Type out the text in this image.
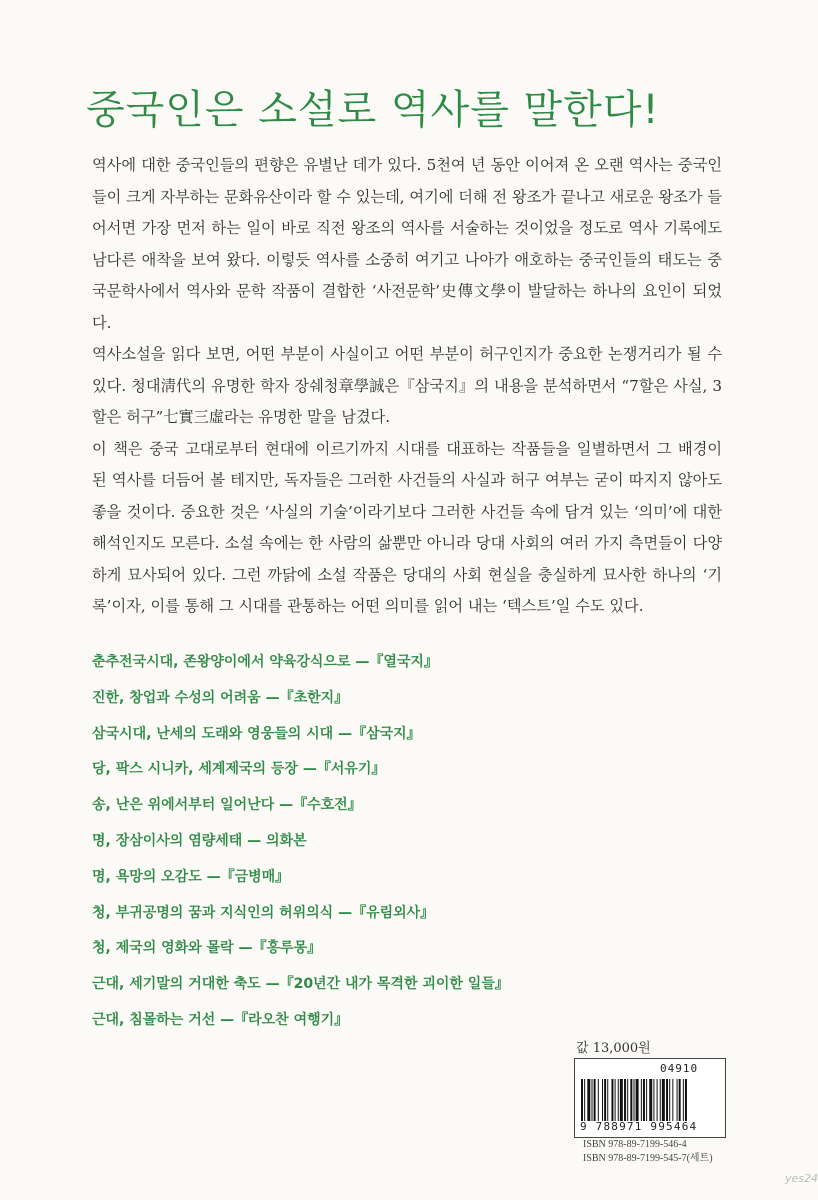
중국인은 소설로 역사를 말한다!

역사에 대한 중국인들의 편향은 유별난 데가 있다. 5천여 년 동안 이어져 온 오랜 역사는 중국인들이 크게 자부하는 문화유산이라 할 수 있는데, 여기에 더해 전 왕조가 끝나고 새로운 왕조가 들어서면 가장 먼저 하는 일이 바로 직전 왕조의 역사를 서술하는 것이었을 정도로 역사 기록에도 남다른 애착을 보여 왔다. 이렇듯 역사를 소중히 여기고 나아가 애호하는 중국인들의 태도는 중국문학사에서 역사와 문학 작품이 결합한 ‘사전문학’史傳文學이 발달하는 하나의 요인이 되었다.

역사소설을 읽다 보면, 어떤 부분이 사실이고 어떤 부분이 허구인지가 중요한 논쟁거리가 될 수 있다. 청대淸代의 유명한 학자 장쉐청章學誠은『삼국지』의 내용을 분석하면서 “7할은 사실, 3할은 허구”七實三虛라는 유명한 말을 남겼다.

이 책은 중국 고대로부터 현대에 이르기까지 시대를 대표하는 작품들을 일별하면서 그 배경이 된 역사를 더듬어 볼 테지만, 독자들은 그러한 사건들의 사실과 허구 여부는 굳이 따지지 않아도 좋을 것이다. 중요한 것은 ‘사실의 기술’이라기보다 그러한 사건들 속에 담겨 있는 ‘의미’에 대한 해석인지도 모른다. 소설 속에는 한 사람의 삶뿐만 아니라 당대 사회의 여러 가지 측면들이 다양하게 묘사되어 있다. 그런 까닭에 소설 작품은 당대의 사회 현실을 충실하게 묘사한 하나의 ‘기록’이자, 이를 통해 그 시대를 관통하는 어떤 의미를 읽어 내는 ‘텍스트’일 수도 있다.

춘추전국시대, 존왕양이에서 약육강식으로 —『열국지』
진한, 창업과 수성의 어려움 —『초한지』
삼국시대, 난세의 도래와 영웅들의 시대 —『삼국지』
당, 팍스 시니카, 세계제국의 등장 —『서유기』
송, 난은 위에서부터 일어난다 —『수호전』
명, 장삼이사의 염량세태 — 의화본
명, 욕망의 오감도 —『금병매』
청, 부귀공명의 꿈과 지식인의 허위의식 —『유림외사』
청, 제국의 영화와 몰락 —『홍루몽』
근대, 세기말의 거대한 축도 —『20년간 내가 목격한 괴이한 일들』
근대, 침몰하는 거선 —『라오찬 여행기』
값 13,000원
04910
9 788971 995464
ISBN 978-89-7199-546-4
ISBN 978-89-7199-545-7(세트)
yes24
